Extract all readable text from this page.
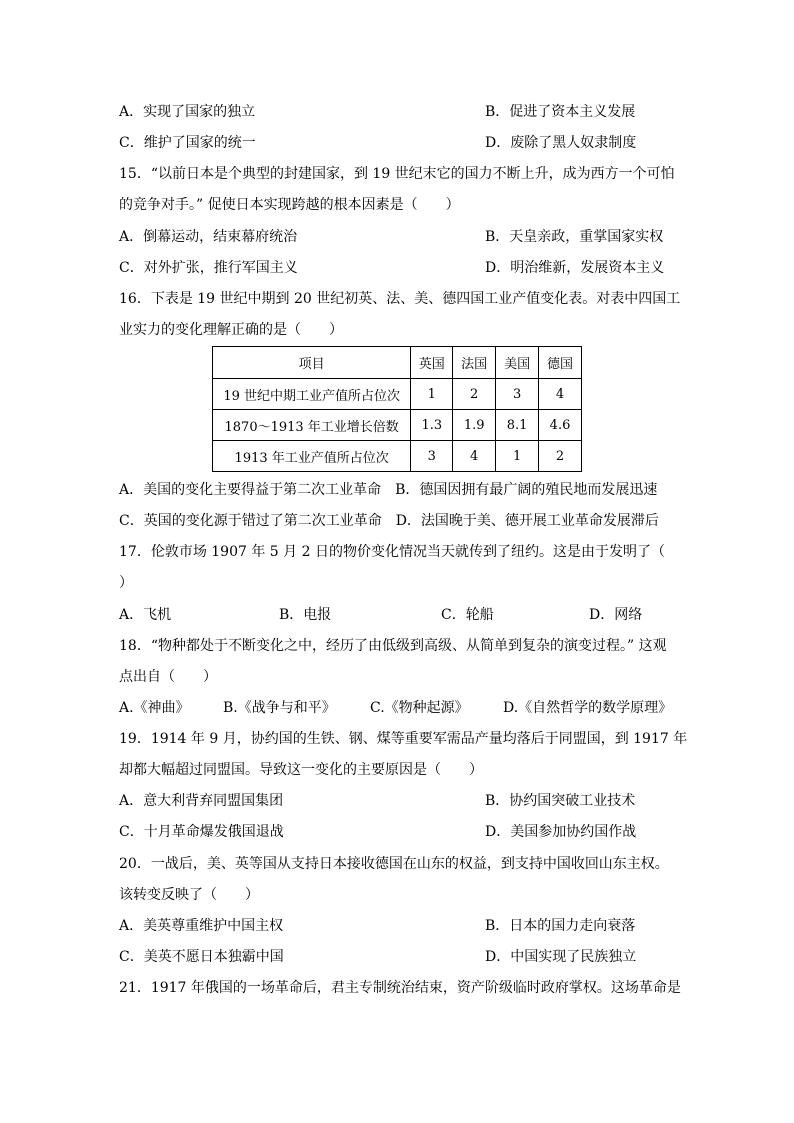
A．实现了国家的独立	B．促进了资本主义发展
C．维护了国家的统一	D．废除了黑人奴隶制度
15．“以前日本是个典型的封建国家，到 19 世纪末它的国力不断上升，成为西方一个可怕
的竞争对手。” 促使日本实现跨越的根本因素是（　　）
A．倒幕运动，结束幕府统治	B．天皇亲政，重掌国家实权
C．对外扩张，推行军国主义	D．明治维新，发展资本主义
16．下表是 19 世纪中期到 20 世纪初英、法、美、德四国工业产值变化表。对表中四国工
业实力的变化理解正确的是（　　）
项目	英国	法国	美国	德国
19 世纪中期工业产值所占位次	1	2	3	4
1870～1913 年工业增长倍数	1.3	1.9	8.1	4.6
1913 年工业产值所占位次	3	4	1	2
A．美国的变化主要得益于第二次工业革命　B．德国因拥有最广阔的殖民地而发展迅速
C．英国的变化源于错过了第二次工业革命　D．法国晚于美、德开展工业革命发展滞后
17．伦敦市场 1907 年 5 月 2 日的物价变化情况当天就传到了纽约。这是由于发明了（
）
A．飞机	B．电报	C．轮船	D．网络
18．“物种都处于不断变化之中，经历了由低级到高级、从简单到复杂的演变过程。” 这观
点出自（　　）
A.《神曲》 B.《战争与和平》 C.《物种起源》 D.《自然哲学的数学原理》
19．1914 年 9 月，协约国的生铁、钢、煤等重要军需品产量均落后于同盟国，到 1917 年
却都大幅超过同盟国。导致这一变化的主要原因是（　　）
A．意大利背弃同盟国集团	B．协约国突破工业技术
C．十月革命爆发俄国退战	D．美国参加协约国作战
20．一战后，美、英等国从支持日本接收德国在山东的权益，到支持中国收回山东主权。
该转变反映了（　　）
A．美英尊重维护中国主权	B．日本的国力走向衰落
C．美英不愿日本独霸中国	D．中国实现了民族独立
21．1917 年俄国的一场革命后，君主专制统治结束，资产阶级临时政府掌权。这场革命是
